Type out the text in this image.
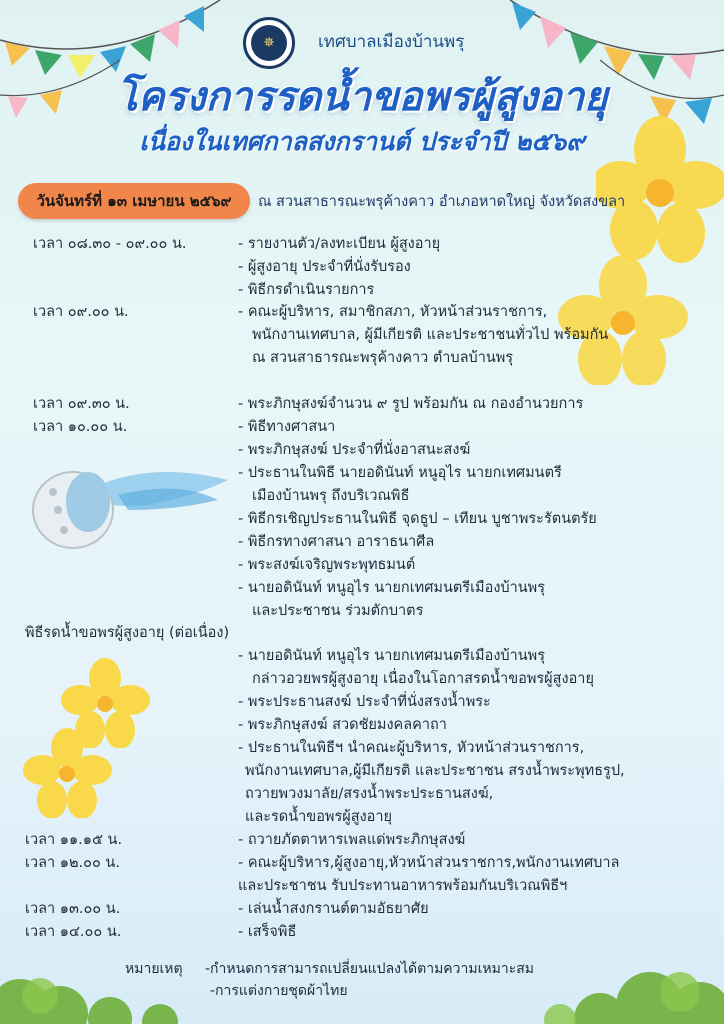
✵	เทศบาลเมืองบ้านพรุ
โครงการรดน้ำขอพรผู้สูงอายุ
เนื่องในเทศกาลสงกรานต์ ประจำปี ๒๕๖๙
วันจันทร์ที่ ๑๓ เมษายน ๒๕๖๙ ณ สวนสาธารณะพรุค้างคาว อำเภอหาดใหญ่ จังหวัดสงขลา
เวลา ๐๘.๓๐ - ๐๙.๐๐ น.	- รายงานตัว/ลงทะเบียน ผู้สูงอายุ
- ผู้สูงอายุ ประจำที่นั่งรับรอง
- พิธีกรดำเนินรายการ
เวลา ๐๙.๐๐ น.	- คณะผู้บริหาร, สมาชิกสภา, หัวหน้าส่วนราชการ,
พนักงานเทศบาล, ผู้มีเกียรติ และประชาชนทั่วไป พร้อมกัน
ณ สวนสาธารณะพรุค้างคาว ตำบลบ้านพรุ
เวลา ๐๙.๓๐ น.	- พระภิกษุสงฆ์จำนวน ๙ รูป พร้อมกัน ณ กองอำนวยการ
เวลา ๑๐.๐๐ น.	- พิธีทางศาสนา
- พระภิกษุสงฆ์ ประจำที่นั่งอาสนะสงฆ์
- ประธานในพิธี นายอดินันท์ หนูอุไร นายกเทศมนตรี
เมืองบ้านพรุ ถึงบริเวณพิธี
- พิธีกรเชิญประธานในพิธี จุดธูป – เทียน บูชาพระรัตนตรัย
- พิธีกรทางศาสนา อาราธนาศีล
- พระสงฆ์เจริญพระพุทธมนต์
- นายอดินันท์ หนูอุไร นายกเทศมนตรีเมืองบ้านพรุ
และประชาชน ร่วมตักบาตร
พิธีรดน้ำขอพรผู้สูงอายุ (ต่อเนื่อง)
- นายอดินันท์ หนูอุไร นายกเทศมนตรีเมืองบ้านพรุ
กล่าวอวยพรผู้สูงอายุ เนื่องในโอกาสรดน้ำขอพรผู้สูงอายุ
- พระประธานสงฆ์ ประจำที่นั่งสรงน้ำพระ
- พระภิกษุสงฆ์ สวดชัยมงคลคาถา
- ประธานในพิธีฯ นำคณะผู้บริหาร, หัวหน้าส่วนราชการ,
พนักงานเทศบาล,ผู้มีเกียรติ และประชาชน สรงน้ำพระพุทธรูป,
ถวายพวงมาลัย/สรงน้ำพระประธานสงฆ์,
และรดน้ำขอพรผู้สูงอายุ
เวลา ๑๑.๑๕ น.	- ถวายภัตตาหารเพลแด่พระภิกษุสงฆ์
เวลา ๑๒.๐๐ น.	- คณะผู้บริหาร,ผู้สูงอายุ,หัวหน้าส่วนราชการ,พนักงานเทศบาล
และประชาชน รับประทานอาหารพร้อมกันบริเวณพิธีฯ
เวลา ๑๓.๐๐ น.	- เล่นน้ำสงกรานต์ตามอัธยาศัย
เวลา ๑๔.๐๐ น.	- เสร็จพิธี
หมายเหตุ -กำหนดการสามารถเปลี่ยนแปลงได้ตามความเหมาะสม
-การแต่งกายชุดผ้าไทย
